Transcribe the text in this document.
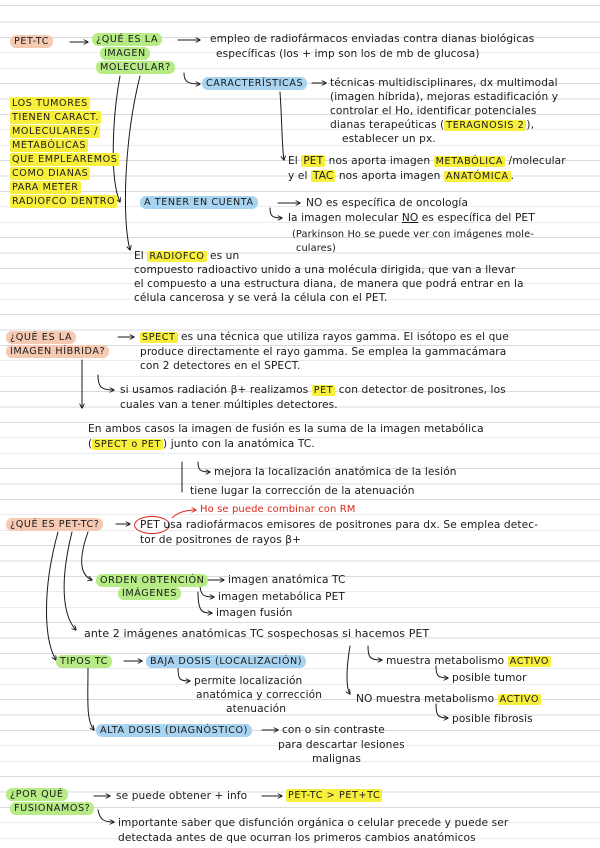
PET-TC	¿QUÉ ES LA
IMAGEN
MOLECULAR?
empleo de radiofármacos enviadas contra dianas biológicas
específicas (los + imp son los de mb de glucosa)
LOS TUMORES
TIENEN CARACT.
MOLECULARES /
METABÓLICAS
QUE EMPLEAREMOS
COMO DIANAS
PARA METER
RADIOFCO DENTRO
CARACTERÍSTICAS	técnicas multidisciplinares, dx multimodal
(imagen híbrida), mejoras estadificación y
controlar el Ho, identificar potenciales
dianas terapeúticas ( TERAGNOSIS 2 ),
establecer un px.
El PET nos aporta imagen METABÓLICA /molecular
y el TAC nos aporta imagen ANATÓMICA .
A TENER EN CUENTA	NO es específica de oncología
la imagen molecular NO es específica del PET
(Parkinson Ho se puede ver con imágenes mole-
culares)
El RADIOFCO es un
compuesto radioactivo unido a una molécula dirigida, que van a llevar
el compuesto a una estructura diana, de manera que podrá entrar en la
célula cancerosa y se verá la célula con el PET.
¿QUÉ ES LA
IMAGEN HÍBRIDA?
SPECT es una técnica que utiliza rayos gamma. El isótopo es el que
produce directamente el rayo gamma. Se emplea la gammacámara
con 2 detectores en el SPECT.
si usamos radiación β+ realizamos PET con detector de positrones, los
cuales van a tener múltiples detectores.
En ambos casos la imagen de fusión es la suma de la imagen metabólica
( SPECT o PET ) junto con la anatómica TC.
mejora la localización anatómica de la lesión
tiene lugar la corrección de la atenuación
¿QUÉ ES PET-TC?
Ho se puede combinar con RM
PET usa radiofármacos emisores de positrones para dx. Se emplea detec-
tor de positrones de rayos β+
ORDEN OBTENCIÓN
IMÁGENES
imagen anatómica TC
imagen metabólica PET
imagen fusión
ante 2 imágenes anatómicas TC sospechosas si hacemos PET
TIPOS TC	BAJA DOSIS (LOCALIZACIÓN)
permite localización
anatómica y corrección
atenuación
muestra metabolismo ACTIVO
posible tumor
NO muestra metabolismo ACTIVO
posible fibrosis
ALTA DOSIS (DIAGNÓSTICO)	con o sin contraste
para descartar lesiones
malignas
¿POR QUÉ
FUSIONAMOS?
se puede obtener + info	PET-TC > PET+TC
importante saber que disfunción orgánica o celular precede y puede ser
detectada antes de que ocurran los primeros cambios anatómicos
